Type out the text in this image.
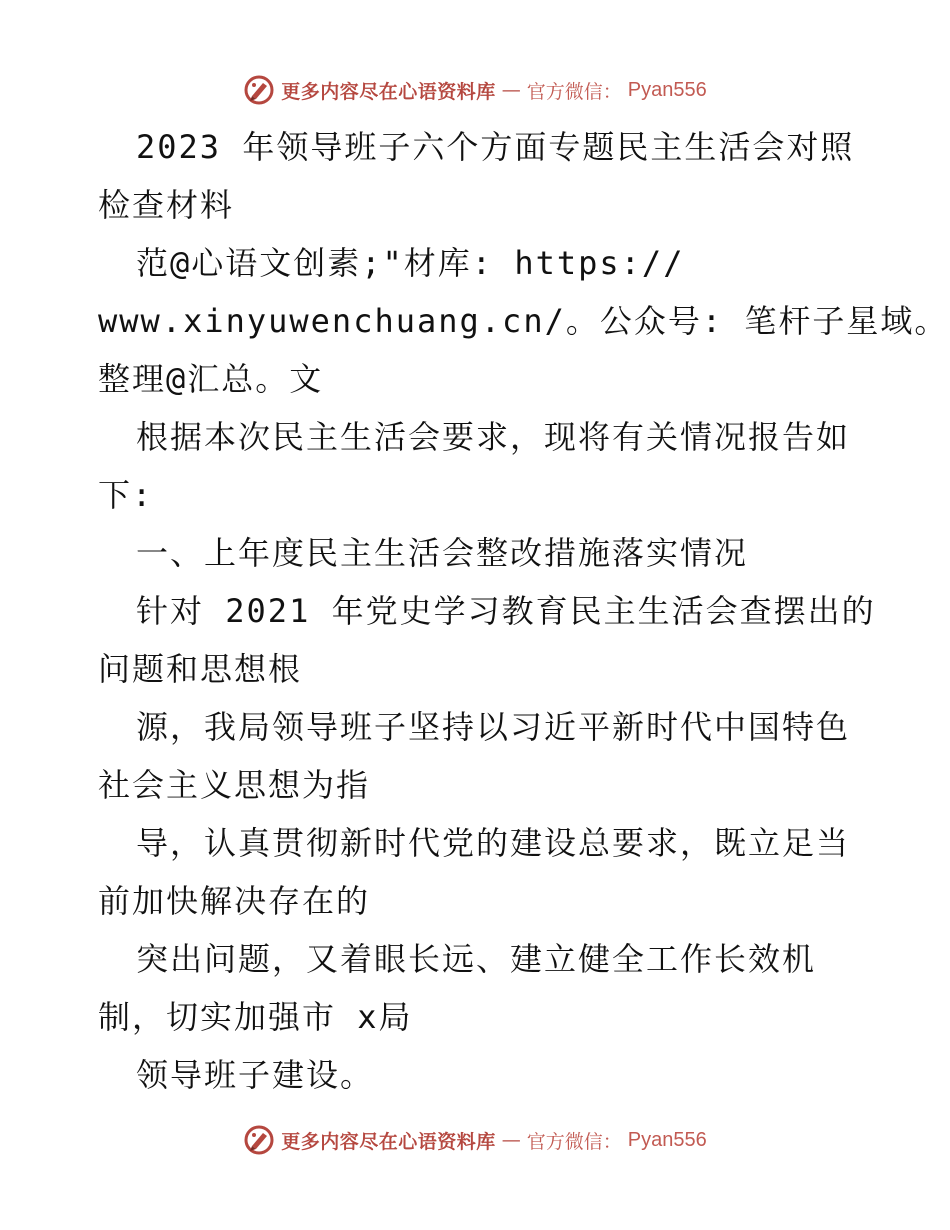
更多内容尽在心语资料库 — 官方微信： Pyan556
2023 年领导班子六个方面专题民主生活会对照
检查材料
范@心语文创素;"材库: https://
www.xinyuwenchuang.cn/。公众号: 笔杆子星域。
整理@汇总。文
根据本次民主生活会要求，现将有关情况报告如
下:
一、上年度民主生活会整改措施落实情况
针对 2021 年党史学习教育民主生活会查摆出的
问题和思想根
源，我局领导班子坚持以习近平新时代中国特色
社会主义思想为指
导，认真贯彻新时代党的建设总要求，既立足当
前加快解决存在的
突出问题，又着眼长远、建立健全工作长效机
制，切实加强市 x局
领导班子建设。
更多内容尽在心语资料库 — 官方微信： Pyan556
